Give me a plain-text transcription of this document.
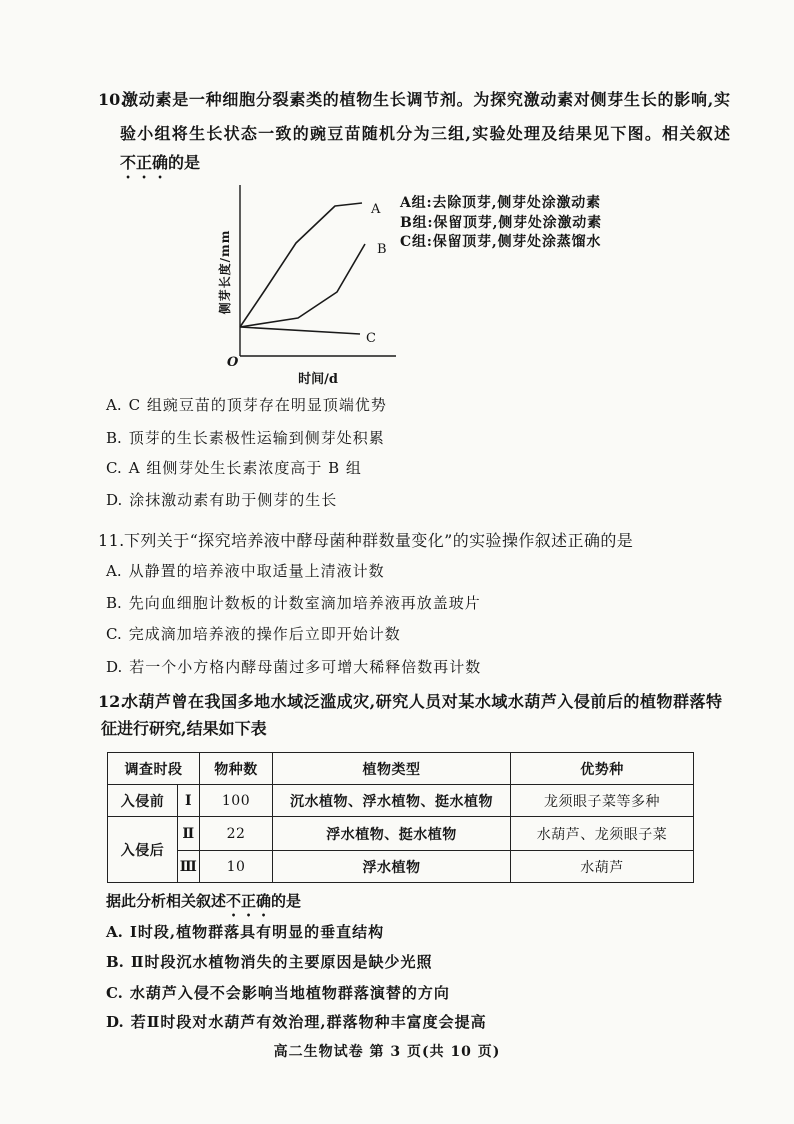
10.
激动素是一种细胞分裂素类的植物生长调节剂。为探究激动素对侧芽生长的影响,实
验小组将生长状态一致的豌豆苗随机分为三组,实验处理及结果见下图。相关叙述
不正确的是
A
B
C
O
侧芽长度/mm
时间/d
A组:去除顶芽,侧芽处涂激动素
B组:保留顶芽,侧芽处涂激动素
C组:保留顶芽,侧芽处涂蒸馏水
A. C 组豌豆苗的顶芽存在明显顶端优势
B. 顶芽的生长素极性运输到侧芽处积累
C. A 组侧芽处生长素浓度高于 B 组
D. 涂抹激动素有助于侧芽的生长
11. 下列关于“探究培养液中酵母菌种群数量变化”的实验操作叙述正确的是
A. 从静置的培养液中取适量上清液计数
B. 先向血细胞计数板的计数室滴加培养液再放盖玻片
C. 完成滴加培养液的操作后立即开始计数
D. 若一个小方格内酵母菌过多可增大稀释倍数再计数
12.
水葫芦曾在我国多地水域泛滥成灾,研究人员对某水域水葫芦入侵前后的植物群落特
征进行研究,结果如下表
调查时段		物种数	植物类型	优势种
入侵前	Ⅰ	100	沉水植物、浮水植物、挺水植物	龙须眼子菜等多种
入侵后	Ⅱ	22	浮水植物、挺水植物	水葫芦、龙须眼子菜
	Ⅲ	10	浮水植物	水葫芦
据此分析相关叙述不正确的是
A. Ⅰ时段,植物群落具有明显的垂直结构
B. Ⅱ时段沉水植物消失的主要原因是缺少光照
C. 水葫芦入侵不会影响当地植物群落演替的方向
D. 若Ⅱ时段对水葫芦有效治理,群落物种丰富度会提高
高二生物试卷 第 3 页(共 10 页)
